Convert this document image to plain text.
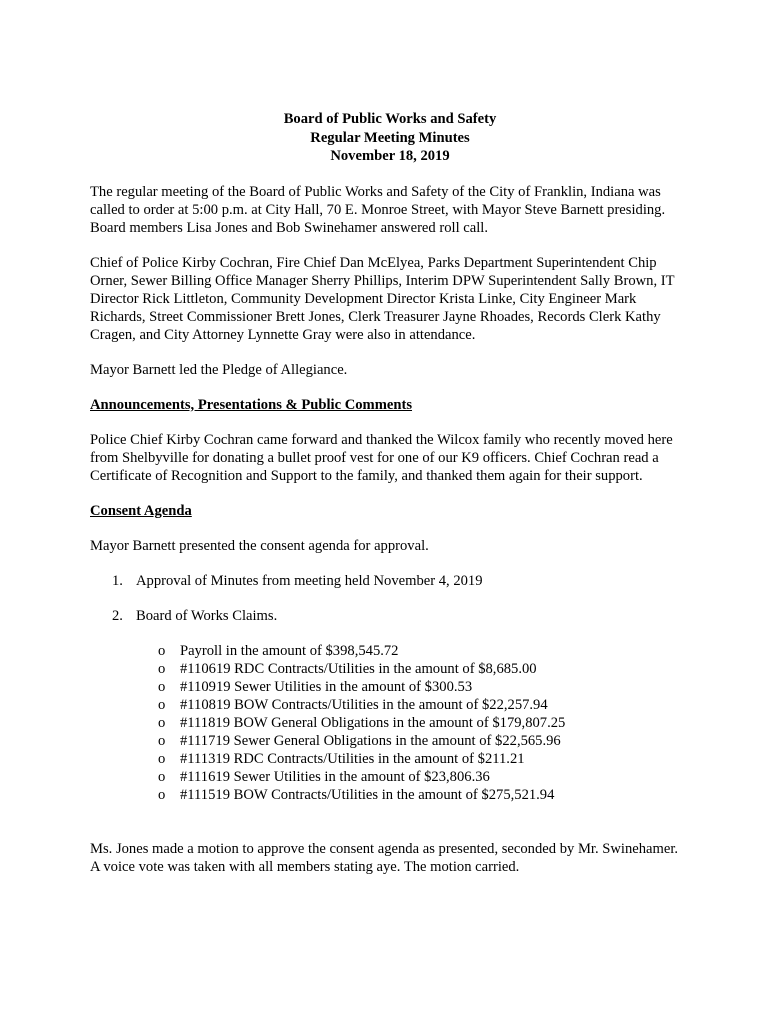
Board of Public Works and Safety
Regular Meeting Minutes
November 18, 2019

The regular meeting of the Board of Public Works and Safety of the City of Franklin, Indiana was called to order at 5:00 p.m. at City Hall, 70 E. Monroe Street, with Mayor Steve Barnett presiding. Board members Lisa Jones and Bob Swinehamer answered roll call.

Chief of Police Kirby Cochran, Fire Chief Dan McElyea, Parks Department Superintendent Chip Orner, Sewer Billing Office Manager Sherry Phillips, Interim DPW Superintendent Sally Brown, IT Director Rick Littleton, Community Development Director Krista Linke, City Engineer Mark Richards, Street Commissioner Brett Jones, Clerk Treasurer Jayne Rhoades, Records Clerk Kathy Cragen, and City Attorney Lynnette Gray were also in attendance.

Mayor Barnett led the Pledge of Allegiance.

Announcements, Presentations & Public Comments

Police Chief Kirby Cochran came forward and thanked the Wilcox family who recently moved here from Shelbyville for donating a bullet proof vest for one of our K9 officers. Chief Cochran read a Certificate of Recognition and Support to the family, and thanked them again for their support.

Consent Agenda

Mayor Barnett presented the consent agenda for approval.

1. Approval of Minutes from meeting held November 4, 2019
2. Board of Works Claims.
o Payroll in the amount of $398,545.72
o #110619 RDC Contracts/Utilities in the amount of $8,685.00
o #110919 Sewer Utilities in the amount of $300.53
o #110819 BOW Contracts/Utilities in the amount of $22,257.94
o #111819 BOW General Obligations in the amount of $179,807.25
o #111719 Sewer General Obligations in the amount of $22,565.96
o #111319 RDC Contracts/Utilities in the amount of $211.21
o #111619 Sewer Utilities in the amount of $23,806.36
o #111519 BOW Contracts/Utilities in the amount of $275,521.94

Ms. Jones made a motion to approve the consent agenda as presented, seconded by Mr. Swinehamer. A voice vote was taken with all members stating aye. The motion carried.
